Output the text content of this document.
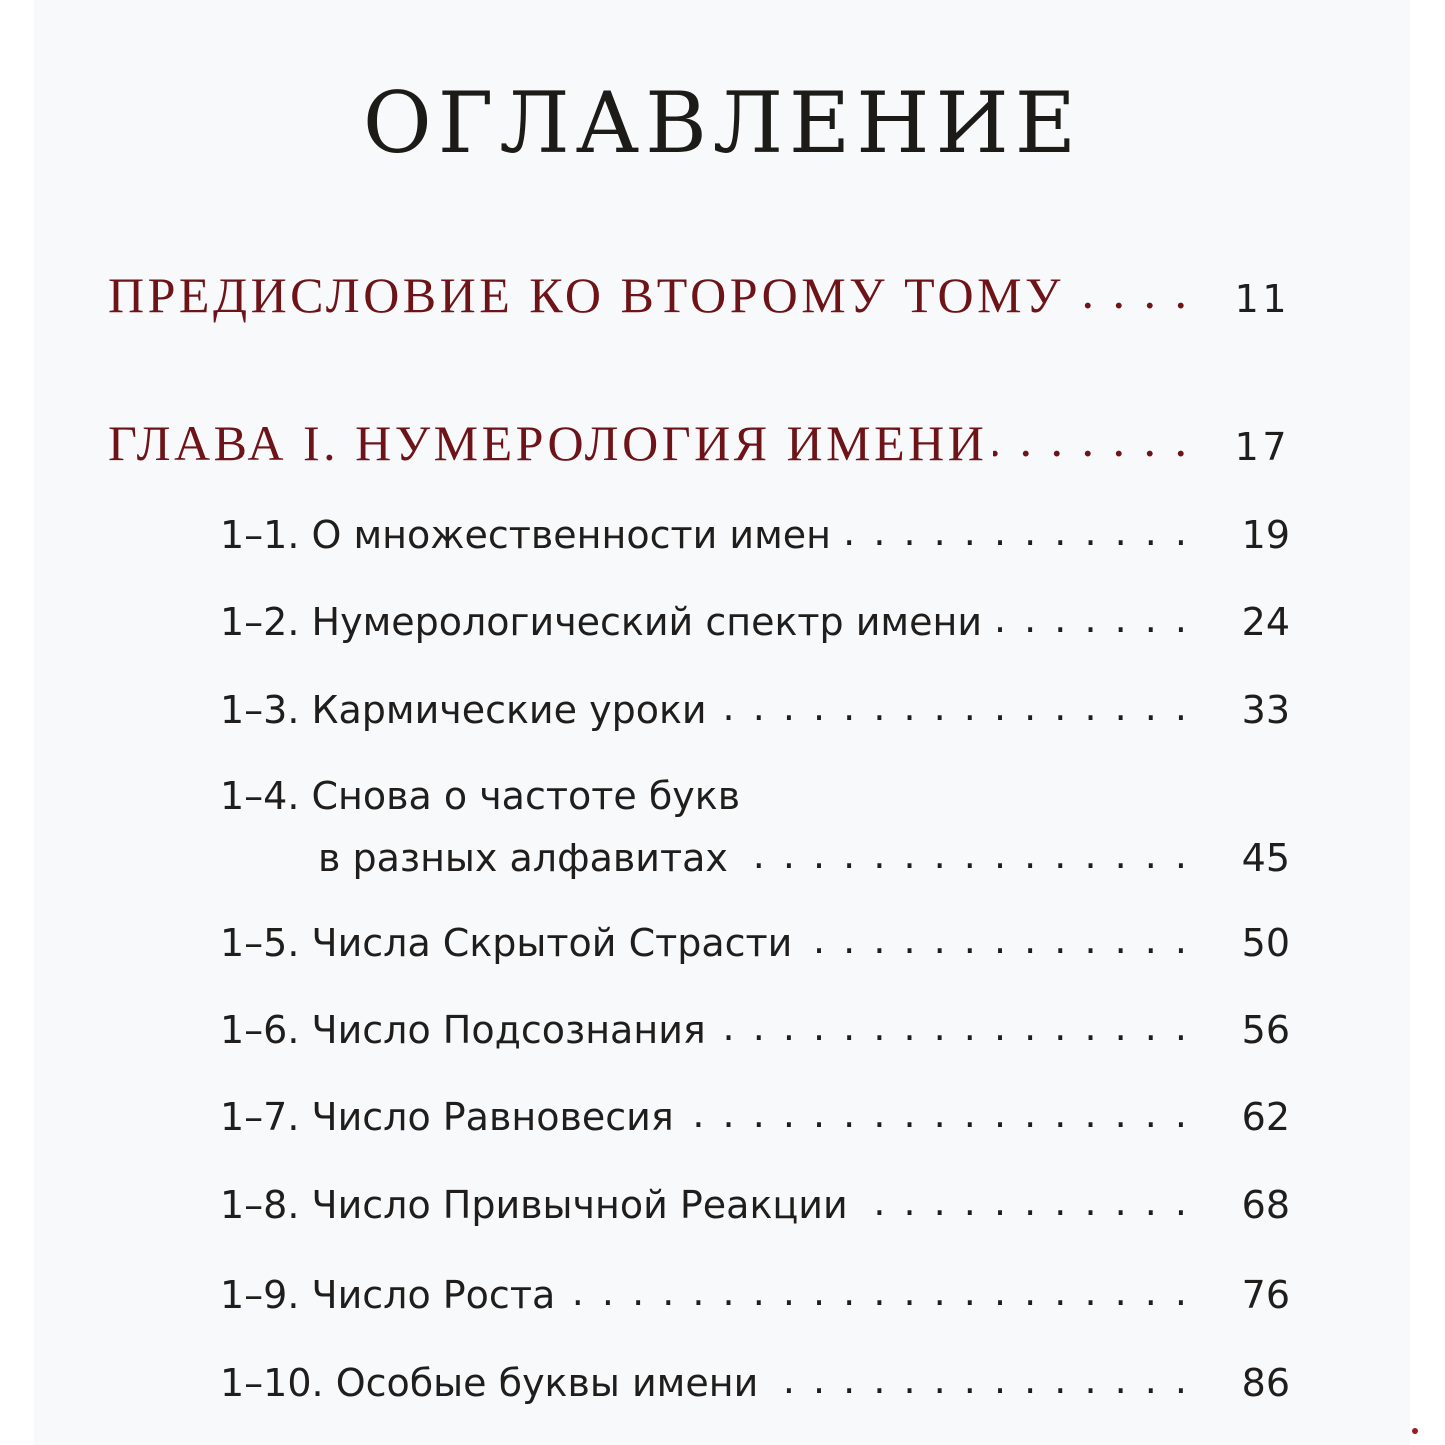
ОГЛАВЛЕНИЕ
ПРЕДИСЛОВИЕ КО ВТОРОМУ ТОМУ . . .	11
ГЛАВА I. НУМЕРОЛОГИЯ ИМЕНИ . . .	17
1–1. О множественности имен . . .	19
1–2. Нумерологический спектр имени . . .	24
1–3. Кармические уроки . . .	33
1–4. Снова о частоте букв
в разных алфавитах . . .	45
1–5. Числа Скрытой Страсти . . .	50
1–6. Число Подсознания . . .	56
1–7. Число Равновесия . . .	62
1–8. Число Привычной Реакции . . .	68
1–9. Число Роста . . .	76
1–10. Особые буквы имени . . .	86
